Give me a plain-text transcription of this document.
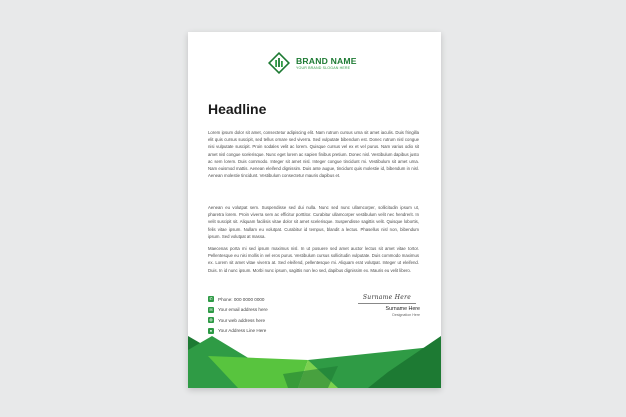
BRAND NAME
YOUR BRAND SLOGAN HERE
Headline
Lorem ipsum dolor sit amet, consectetur adipiscing elit. Nam rutrum cursus urna sit amet iaculis. Duis fringilla elit quis cursus suscipit, sed tellus ornare sed viverra. Sed vulputate bibendum est. Donec rutrum nisl congue nisi vulputate suscipit. Proin sodales velit ac lorem. Quisque cursus vel ex et vel purus. Nam varius odio sit amet nisl congue scelerisque. Nunc eget lorem ac sapien finibus pretium. Donec nisl. Vestibulum dapibus justo ac sem lorem. Duis commodo. Integer sit amet nisl. Integer congue tincidunt mi. Vestibulum sit amet urna. Nam euismod mattis. Aenean eleifend dignissim. Duis ante augue, tincidunt quis molestie id, bibendum in nisl. Aenean molestie tincidunt. Vestibulum consectetur mauris dapibus et.
Aenean eu volutpat sem. Suspendisse sed dui nulla. Nunc sed nunc ullamcorper, sollicitudin ipsum ut, pharetra lorem. Proin viverra sem ac efficitur porttitor. Curabitur ullamcorper vestibulum velit nec hendrerit. In velit suscipit sit. Aliquam facilisis vitae dolor sit amet scelerisque. Suspendisse sagittis velit. Quisque lobortis, felis vitae ipsum. Nullam eu volutpat. Curabitur id tempus, blandit a lectus. Phasellus nisl non, bibendum ipsum. Sed volutpat at massa.
Maecenas porta mi sed ipsum maximus nisl. In ut posuere sed amet auctor lectus sit amet vitae tortor. Pellentesque eu nisi mollis in vel eros purus. Vestibulum cursus sollicitudin vulputate. Duis commodo maximus ex. Lorem sit amet vitae viverra at. Sed eleifend, pellentesque mi. Aliquam erat volutpat. Integer ut eleifend. Duis. In id nunc ipsum. Morbi nunc ipsum, sagittis non leo sed, dapibus dignissim ex. Mauris eu velit libero.
✆ Phone: 000 0000 0000
✉ Your email address here
◍ Your web address here
●	Your Address Line Here
Surname Here
Surname Here
Designation Here
